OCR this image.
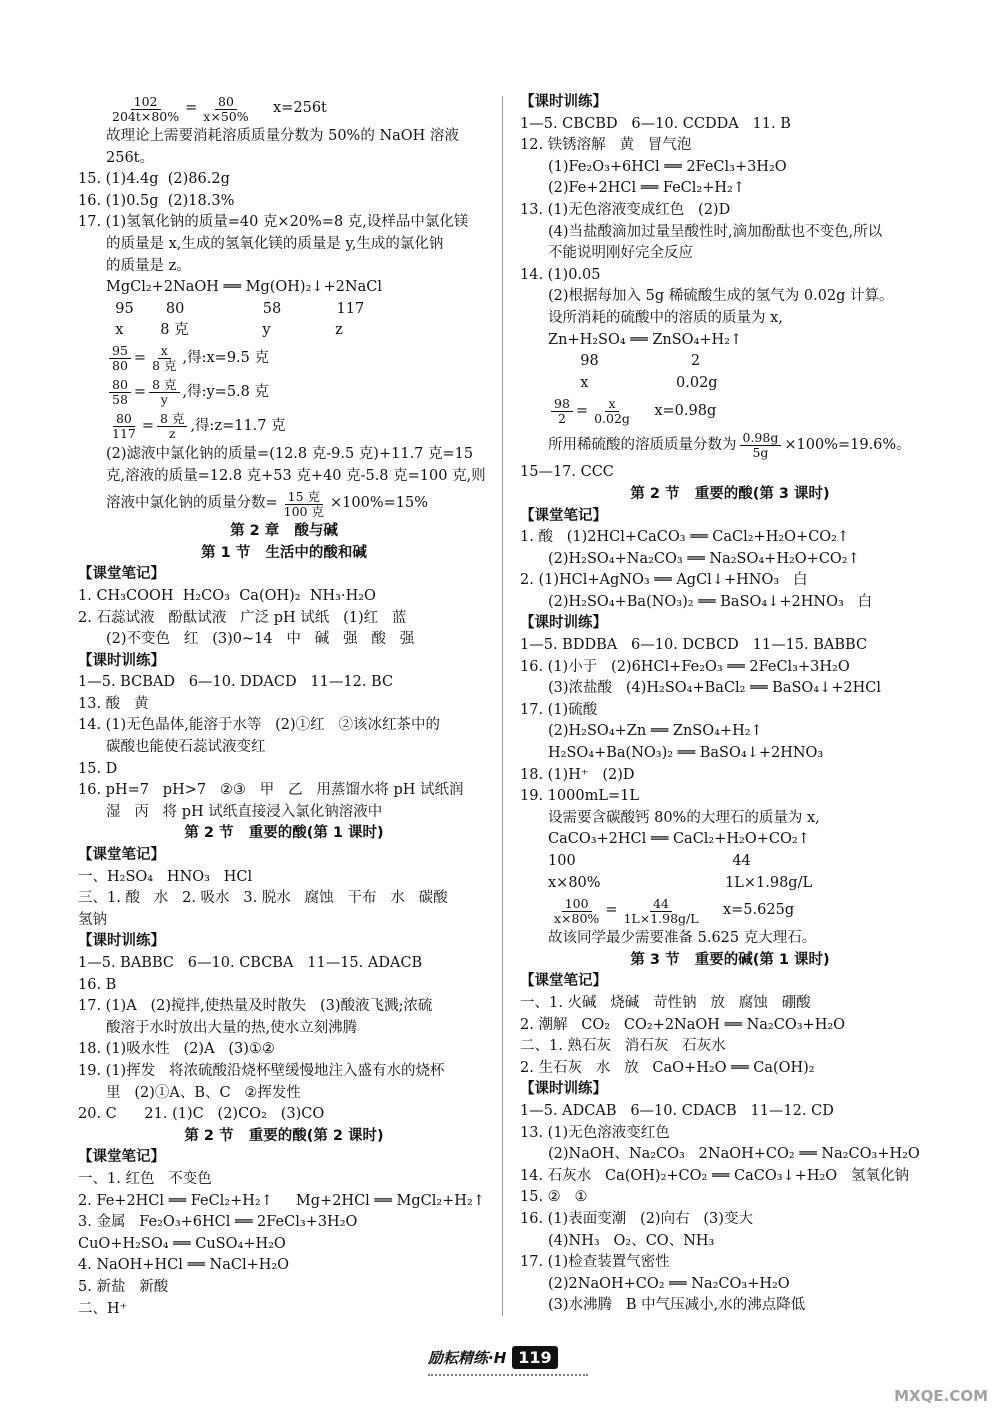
$\frac{102}{204t\times 80\%} = \frac{80}{x\times 50\%} x=256t$
故理论上需要消耗溶质质量分数为 50%的 NaOH 溶液
256t。
15. (1)4.4g  (2)86.2g
16. (1)0.5g  (2)18.3%
17. (1)氢氧化钠的质量=40 克×20%=8 克,设样品中氯化镁
的质量是 x,生成的氢氧化镁的质量是 y,生成的氯化钠
的质量是 z。
MgCl₂+2NaOH ══ Mg(OH)₂↓+2NaCl
95       80                 58            117
x        8 克                y              z
$\frac{95}{80} = \frac{x}{\text{8 克}}$ ,得:x=9.5 克
$\frac{80}{58} = \frac{\text{8 克}}{y}$ ,得:y=5.8 克
$\frac{80}{117} = \frac{\text{8 克}}{z}$ ,得:z=11.7 克
(2)滤液中氯化钠的质量=(12.8 克-9.5 克)+11.7 克=15
克,溶液的质量=12.8 克+53 克+40 克-5.8 克=100 克,则
溶液中氯化钠的质量分数= $\frac{\text{15 克}}{\text{100 克}} \times 100\%=15\%$
第 2 章   酸与碱
第 1 节   生活中的酸和碱
【课堂笔记】
1. CH₃COOH  H₂CO₃  Ca(OH)₂  NH₃·H₂O
2. 石蕊试液   酚酞试液   广泛 pH 试纸   (1)红   蓝
(2)不变色   红   (3)0~14   中   碱   强   酸   强
【课时训练】
1—5. BCBAD   6—10. DDACD   11—12. BC
13. 酸   黄
14. (1)无色晶体,能溶于水等   (2)①红   ②该冰红茶中的
碳酸也能使石蕊试液变红
15. D
16. pH=7   pH>7   ②③   甲   乙   用蒸馏水将 pH 试纸润
湿   丙   将 pH 试纸直接浸入氯化钠溶液中
第 2 节   重要的酸(第 1 课时)
【课堂笔记】
一、H₂SO₄   HNO₃   HCl
三、1. 酸   水   2. 吸水   3. 脱水   腐蚀   干布   水   碳酸
氢钠
【课时训练】
1—5. BABBC   6—10. CBCBA   11—15. ADACB
16. B
17. (1)A   (2)搅拌,使热量及时散失   (3)酸液飞溅;浓硫
酸溶于水时放出大量的热,使水立刻沸腾
18. (1)吸水性   (2)A   (3)①②
19. (1)挥发   将浓硫酸沿烧杯壁缓慢地注入盛有水的烧杯
里   (2)①A、B、C   ②挥发性
20. C      21. (1)C   (2)CO₂   (3)CO
第 2 节   重要的酸(第 2 课时)
【课堂笔记】
一、1. 红色   不变色
2. Fe+2HCl ══ FeCl₂+H₂↑     Mg+2HCl ══ MgCl₂+H₂↑
3. 金属   Fe₂O₃+6HCl ══ 2FeCl₃+3H₂O
CuO+H₂SO₄ ══ CuSO₄+H₂O
4. NaOH+HCl ══ NaCl+H₂O
5. 新盐   新酸
二、H⁺
【课时训练】
1—5. CBCBD   6—10. CCDDA   11. B
12. 铁锈溶解   黄   冒气泡
(1)Fe₂O₃+6HCl ══ 2FeCl₃+3H₂O
(2)Fe+2HCl ══ FeCl₂+H₂↑
13. (1)无色溶液变成红色   (2)D
(4)当盐酸滴加过量呈酸性时,滴加酚酞也不变色,所以
不能说明刚好完全反应
14. (1)0.05
(2)根据每加入 5g 稀硫酸生成的氢气为 0.02g 计算。
设所消耗的硫酸中的溶质的质量为 x,
Zn+H₂SO₄ ══ ZnSO₄+H₂↑
98                    2
x                   0.02g
$\frac{98}{2} = \frac{x}{0.02g} x=0.98g$
所用稀硫酸的溶质质量分数为 $\frac{0.98g}{5g} \times 100\%=19.6\%$。
15—17. CCC
第 2 节   重要的酸(第 3 课时)
【课堂笔记】
1. 酸   (1)2HCl+CaCO₃ ══ CaCl₂+H₂O+CO₂↑
(2)H₂SO₄+Na₂CO₃ ══ Na₂SO₄+H₂O+CO₂↑
2. (1)HCl+AgNO₃ ══ AgCl↓+HNO₃   白
(2)H₂SO₄+Ba(NO₃)₂ ══ BaSO₄↓+2HNO₃   白
【课时训练】
1—5. BDDBA   6—10. DCBCD   11—15. BABBC
16. (1)小于   (2)6HCl+Fe₂O₃ ══ 2FeCl₃+3H₂O
(3)浓盐酸   (4)H₂SO₄+BaCl₂ ══ BaSO₄↓+2HCl
17. (1)硫酸
(2)H₂SO₄+Zn ══ ZnSO₄+H₂↑
H₂SO₄+Ba(NO₃)₂ ══ BaSO₄↓+2HNO₃
18. (1)H⁺   (2)D
19. 1000mL=1L
设需要含碳酸钙 80%的大理石的质量为 x,
CaCO₃+2HCl ══ CaCl₂+H₂O+CO₂↑
100                                  44
x×80%                           1L×1.98g/L
$\frac{100}{x\times 80\%} = \frac{44}{1L\times 1.98g/L} x=5.625g$
故该同学最少需要准备 5.625 克大理石。
第 3 节   重要的碱(第 1 课时)
【课堂笔记】
一、1. 火碱   烧碱   苛性钠   放   腐蚀   硼酸
2. 潮解   CO₂   CO₂+2NaOH ══ Na₂CO₃+H₂O
二、1. 熟石灰   消石灰   石灰水
2. 生石灰   水   放   CaO+H₂O ══ Ca(OH)₂
【课时训练】
1—5. ADCAB   6—10. CDACB   11—12. CD
13. (1)无色溶液变红色
(2)NaOH、Na₂CO₃   2NaOH+CO₂ ══ Na₂CO₃+H₂O
14. 石灰水   Ca(OH)₂+CO₂ ══ CaCO₃↓+H₂O   氢氧化钠
15. ②   ①
16. (1)表面变潮   (2)向右   (3)变大
(4)NH₃   O₂、CO、NH₃
17. (1)检查装置气密性
(2)2NaOH+CO₂ ══ Na₂CO₃+H₂O
(3)水沸腾   B 中气压减小,水的沸点降低
励耘精练·H 119
MXQE.COM
